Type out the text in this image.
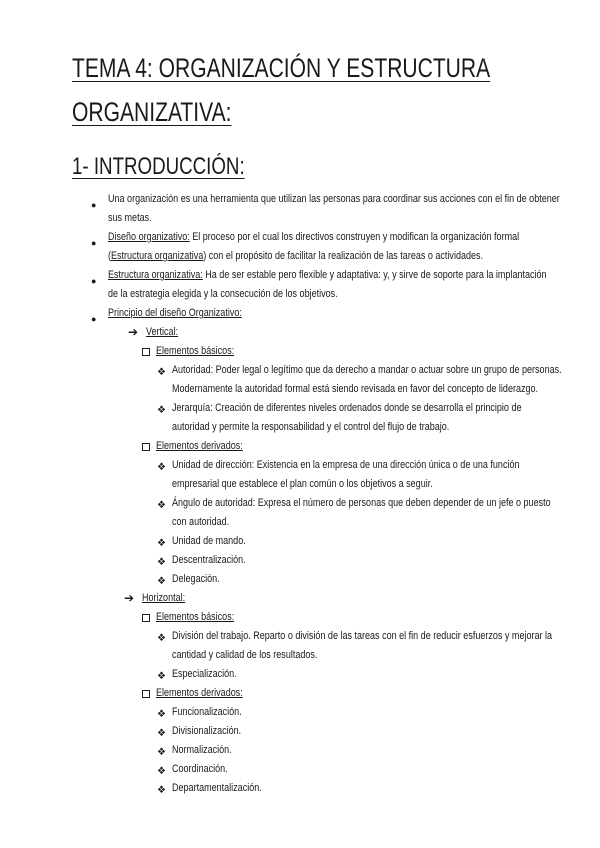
TEMA 4: ORGANIZACIÓN Y ESTRUCTURA
ORGANIZATIVA:
1- INTRODUCCIÓN:
● Una organización es una herramienta que utilizan las personas para coordinar sus acciones con el fin de obtener
sus metas.
● Diseño organizativo: El proceso por el cual los directivos construyen y modifican la organización formal
(Estructura organizativa) con el propósito de facilitar la realización de las tareas o actividades.
● Estructura organizativa: Ha de ser estable pero flexible y adaptativa: y, y sirve de soporte para la implantación
de la estrategia elegida y la consecución de los objetivos.
● Principio del diseño Organizativo:
➔ Vertical:
Elementos básicos:
❖ Autoridad: Poder legal o legítimo que da derecho a mandar o actuar sobre un grupo de personas.
Modernamente la autoridad formal está siendo revisada en favor del concepto de liderazgo.
❖ Jerarquía: Creación de diferentes niveles ordenados donde se desarrolla el principio de
autoridad y permite la responsabilidad y el control del flujo de trabajo.
Elementos derivados:
❖ Unidad de dirección: Existencia en la empresa de una dirección única o de una función
empresarial que establece el plan común o los objetivos a seguir.
❖ Ángulo de autoridad: Expresa el número de personas que deben depender de un jefe o puesto
con autoridad.
❖ Unidad de mando.
❖ Descentralización.
❖ Delegación.
➔ Horizontal:
Elementos básicos:
❖ División del trabajo. Reparto o división de las tareas con el fin de reducir esfuerzos y mejorar la
cantidad y calidad de los resultados.
❖ Especialización.
Elementos derivados:
❖ Funcionalización.
❖ Divisionalización.
❖ Normalización.
❖ Coordinación.
❖ Departamentalización.
